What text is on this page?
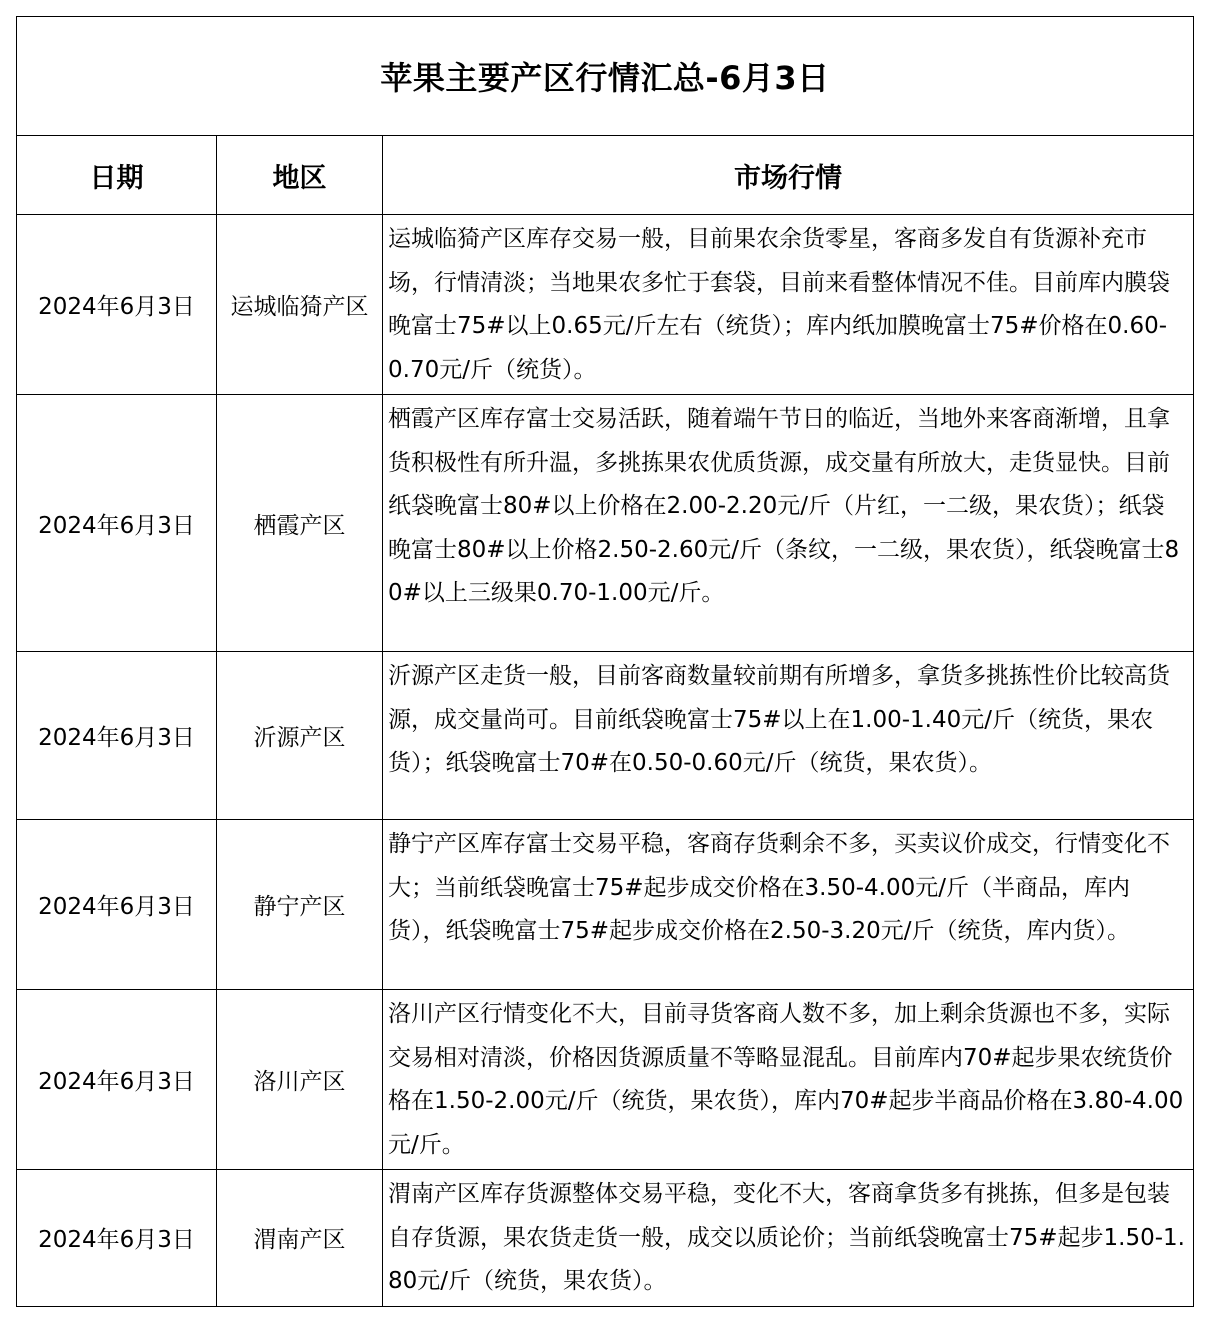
苹果主要产区行情汇总-6月3日		
日期	地区	市场行情
2024年6月3日	运城临猗产区	运城临猗产区库存交易一般，目前果农余货零星，客商多发自有货源补充市场，行情清淡；当地果农多忙于套袋，目前来看整体情况不佳。目前库内膜袋晚富士75#以上0.65元/斤左右（统货）；库内纸加膜晚富士75#价格在0.60-0.70元/斤（统货）。
2024年6月3日	栖霞产区	栖霞产区库存富士交易活跃，随着端午节日的临近，当地外来客商渐增，且拿货积极性有所升温，多挑拣果农优质货源，成交量有所放大，走货显快。目前纸袋晚富士80#以上价格在2.00-2.20元/斤（片红，一二级，果农货）；纸袋晚富士80#以上价格2.50-2.60元/斤（条纹，一二级，果农货），纸袋晚富士80#以上三级果0.70-1.00元/斤。
2024年6月3日	沂源产区	沂源产区走货一般，目前客商数量较前期有所增多，拿货多挑拣性价比较高货源，成交量尚可。目前纸袋晚富士75#以上在1.00-1.40元/斤（统货，果农货）；纸袋晚富士70#在0.50-0.60元/斤（统货，果农货）。
2024年6月3日	静宁产区	静宁产区库存富士交易平稳，客商存货剩余不多，买卖议价成交，行情变化不大；当前纸袋晚富士75#起步成交价格在3.50-4.00元/斤（半商品，库内货），纸袋晚富士75#起步成交价格在2.50-3.20元/斤（统货，库内货）。
2024年6月3日	洛川产区	洛川产区行情变化不大，目前寻货客商人数不多，加上剩余货源也不多，实际交易相对清淡，价格因货源质量不等略显混乱。目前库内70#起步果农统货价格在1.50-2.00元/斤（统货，果农货），库内70#起步半商品价格在3.80-4.00元/斤。
2024年6月3日	渭南产区	渭南产区库存货源整体交易平稳，变化不大，客商拿货多有挑拣，但多是包装自存货源，果农货走货一般，成交以质论价；当前纸袋晚富士75#起步1.50-1.80元/斤（统货，果农货）。
